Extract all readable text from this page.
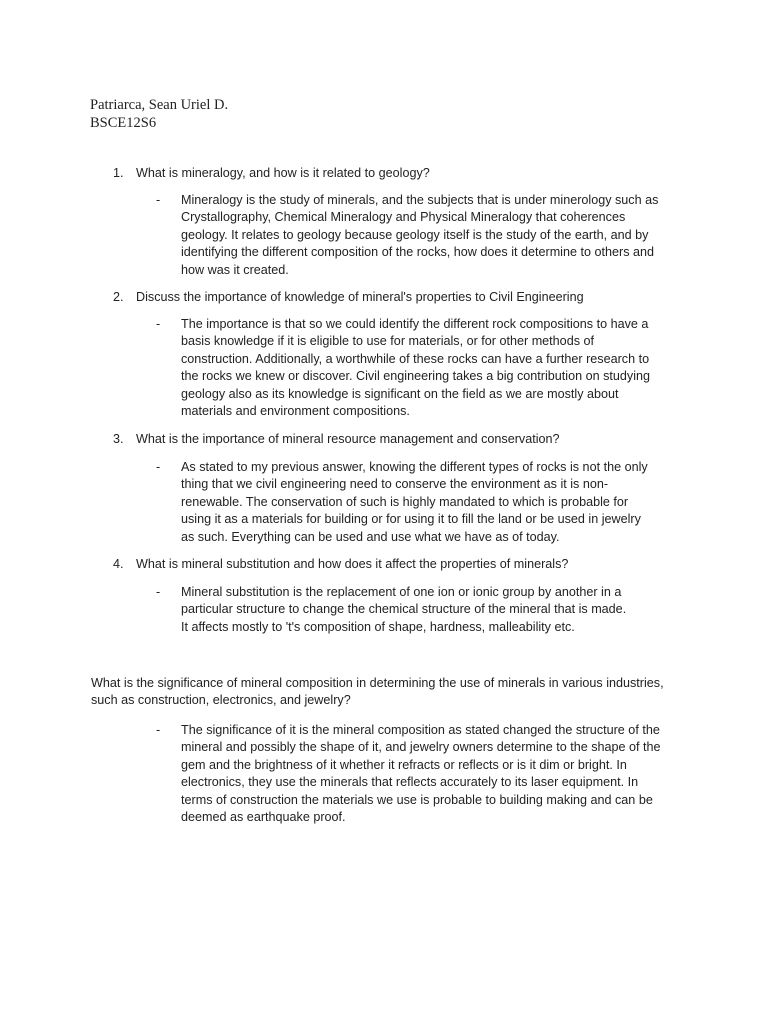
Patriarca, Sean Uriel D.
BSCE12S6
1. What is mineralogy, and how is it related to geology?
- Mineralogy is the study of minerals, and the subjects that is under minerology such as Crystallography, Chemical Mineralogy and Physical Mineralogy that coherences geology. It relates to geology because geology itself is the study of the earth, and by identifying the different composition of the rocks, how does it determine to others and how was it created.
2. Discuss the importance of knowledge of mineral's properties to Civil Engineering
- The importance is that so we could identify the different rock compositions to have a basis knowledge if it is eligible to use for materials, or for other methods of construction. Additionally, a worthwhile of these rocks can have a further research to the rocks we knew or discover. Civil engineering takes a big contribution on studying geology also as its knowledge is significant on the field as we are mostly about materials and environment compositions.
3. What is the importance of mineral resource management and conservation?
- As stated to my previous answer, knowing the different types of rocks is not the only thing that we civil engineering need to conserve the environment as it is non-renewable. The conservation of such is highly mandated to which is probable for using it as a materials for building or for using it to fill the land or be used in jewelry as such. Everything can be used and use what we have as of today.
4. What is mineral substitution and how does it affect the properties of minerals?
- Mineral substitution is the replacement of one ion or ionic group by another in a particular structure to change the chemical structure of the mineral that is made. It affects mostly to 't's composition of shape, hardness, malleability etc.
What is the significance of mineral composition in determining the use of minerals in various industries, such as construction, electronics, and jewelry?
- The significance of it is the mineral composition as stated changed the structure of the mineral and possibly the shape of it, and jewelry owners determine to the shape of the gem and the brightness of it whether it refracts or reflects or is it dim or bright. In electronics, they use the minerals that reflects accurately to its laser equipment. In terms of construction the materials we use is probable to building making and can be deemed as earthquake proof.
